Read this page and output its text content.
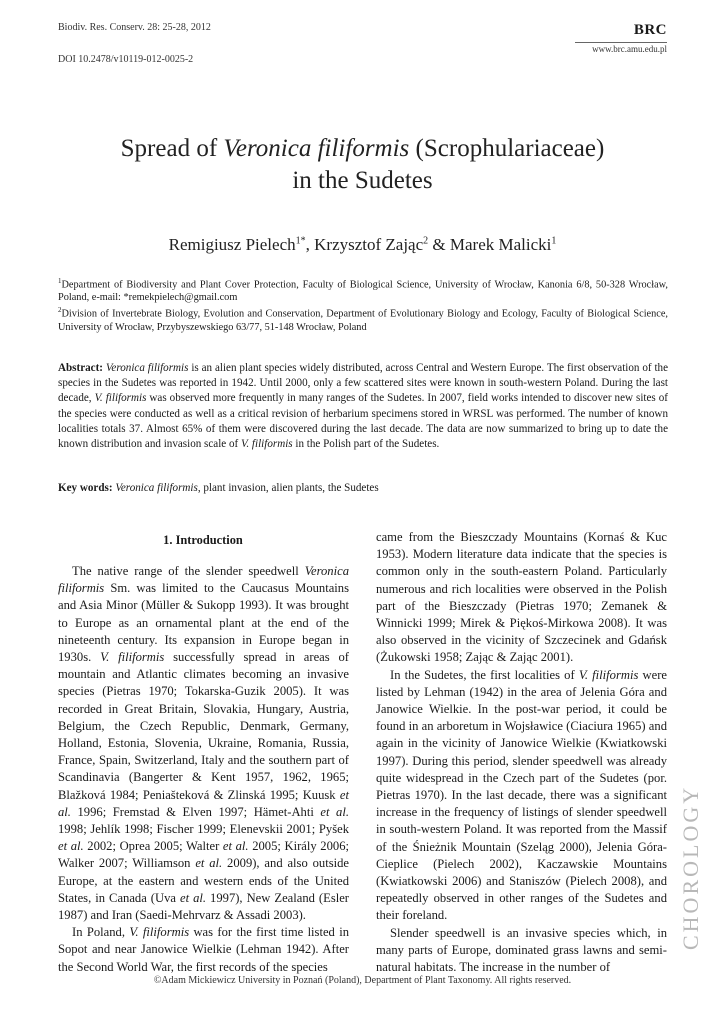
Biodiv. Res. Conserv. 28: 25-28, 2012
DOI 10.2478/v10119-012-0025-2
BRC
www.brc.amu.edu.pl
Spread of Veronica filiformis (Scrophulariaceae)
in the Sudetes
Remigiusz Pielech$^{1*}$, Krzysztof Zając$^2$ & Marek Malicki$^1$
$^1$Department of Biodiversity and Plant Cover Protection, Faculty of Biological Science, University of Wrocław, Kanonia 6/8, 50-328 Wrocław, Poland, e-mail: *remekpielech@gmail.com
$^2$Division of Invertebrate Biology, Evolution and Conservation, Department of Evolutionary Biology and Ecology, Faculty of Biological Science, University of Wrocław, Przybyszewskiego 63/77, 51-148 Wrocław, Poland
Abstract: Veronica filiformis is an alien plant species widely distributed, across Central and Western Europe. The first observation of the species in the Sudetes was reported in 1942. Until 2000, only a few scattered sites were known in south-western Poland. During the last decade, V. filiformis was observed more frequently in many ranges of the Sudetes. In 2007, field works intended to discover new sites of the species were conducted as well as a critical revision of herbarium specimens stored in WRSL was performed. The number of known localities totals 37. Almost 65% of them were discovered during the last decade. The data are now summarized to bring up to date the known distribution and invasion scale of V. filiformis in the Polish part of the Sudetes.
Key words: Veronica filiformis, plant invasion, alien plants, the Sudetes
1. Introduction

The native range of the slender speedwell Veronica filiformis Sm. was limited to the Caucasus Mountains and Asia Minor (Müller & Sukopp 1993). It was brought to Europe as an ornamental plant at the end of the nineteenth century. Its expansion in Europe began in 1930s. V. filiformis successfully spread in areas of mountain and Atlantic climates becoming an invasive species (Pietras 1970; Tokarska-Guzik 2005). It was recorded in Great Britain, Slovakia, Hungary, Austria, Belgium, the Czech Republic, Denmark, Germany, Holland, Estonia, Slovenia, Ukraine, Romania, Russia, France, Spain, Switzerland, Italy and the southern part of Scandinavia (Bangerter & Kent 1957, 1962, 1965; Blažková 1984; Peniašteková & Zlinská 1995; Kuusk et al. 1996; Fremstad & Elven 1997; Hämet-Ahti et al. 1998; Jehlík 1998; Fischer 1999; Elenevskii 2001; Pyšek et al. 2002; Oprea 2005; Walter et al. 2005; Király 2006; Walker 2007; Williamson et al. 2009), and also outside Europe, at the eastern and western ends of the United States, in Canada (Uva et al. 1997), New Zealand (Esler 1987) and Iran (Saedi-Mehrvarz & Assadi 2003).

In Poland, V. filiformis was for the first time listed in Sopot and near Janowice Wielkie (Lehman 1942). After the Second World War, the first records of the species

came from the Bieszczady Mountains (Kornaś & Kuc 1953). Modern literature data indicate that the species is common only in the south-eastern Poland. Particularly numerous and rich localities were observed in the Polish part of the Bieszczady (Pietras 1970; Zemanek & Winnicki 1999; Mirek & Piękoś-Mirkowa 2008). It was also observed in the vicinity of Szczecinek and Gdańsk (Żukowski 1958; Zając & Zając 2001).

In the Sudetes, the first localities of V. filiformis were listed by Lehman (1942) in the area of Jelenia Góra and Janowice Wielkie. In the post-war period, it could be found in an arboretum in Wojsławice (Ciaciura 1965) and again in the vicinity of Janowice Wielkie (Kwiatkowski 1997). During this period, slender speedwell was already quite widespread in the Czech part of the Sudetes (por. Pietras 1970). In the last decade, there was a significant increase in the frequency of listings of slender speedwell in south-western Poland. It was reported from the Massif of the Śnieżnik Mountain (Szeląg 2000), Jelenia Góra-Cieplice (Pielech 2002), Kaczawskie Mountains (Kwiatkowski 2006) and Staniszów (Pielech 2008), and repeatedly observed in other ranges of the Sudetes and their foreland.

Slender speedwell is an invasive species which, in many parts of Europe, dominated grass lawns and semi-natural habitats. The increase in the number of

CHOROLOGY
©Adam Mickiewicz University in Poznań (Poland), Department of Plant Taxonomy. All rights reserved.
